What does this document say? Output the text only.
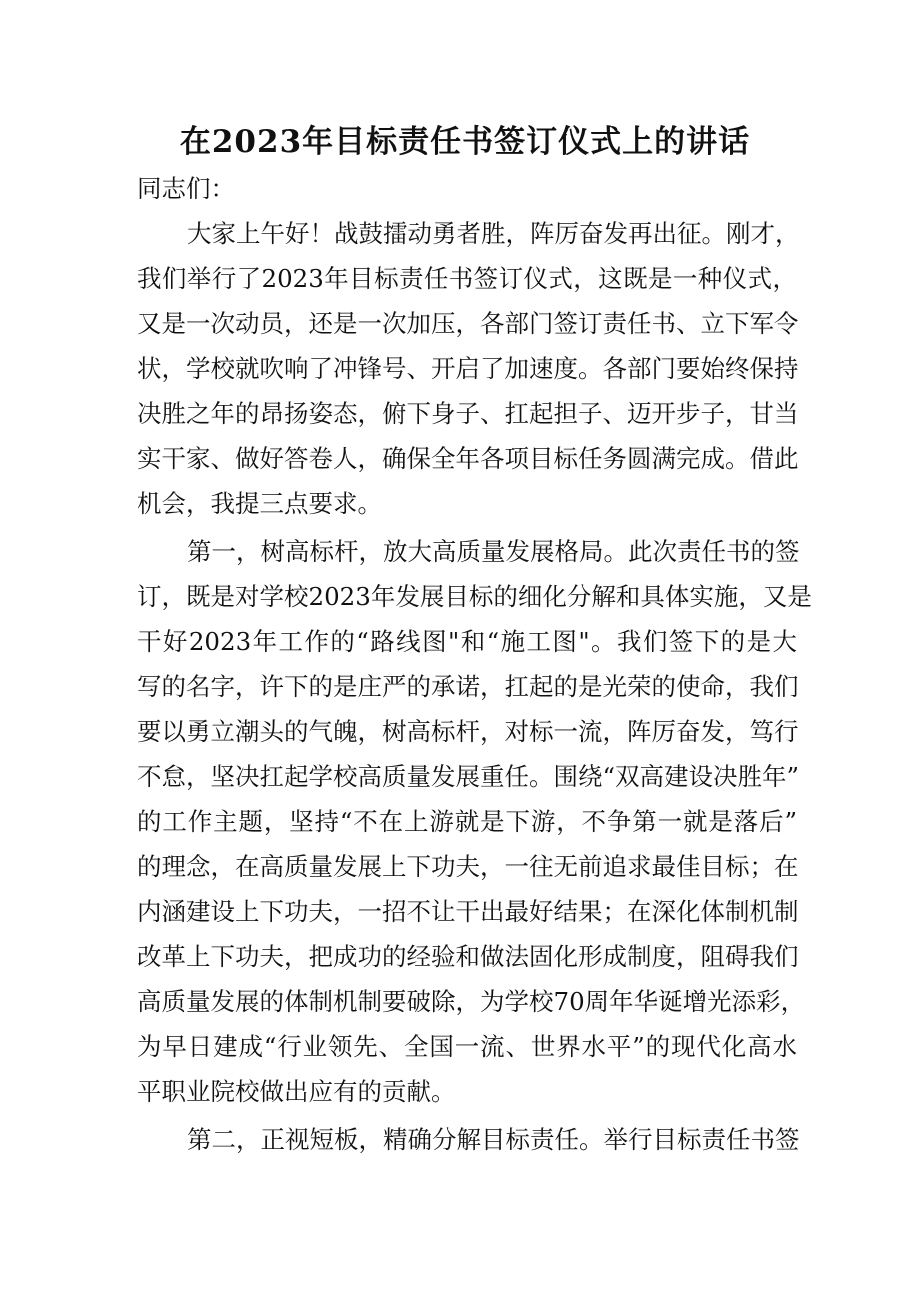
在2023年目标责任书签订仪式上的讲话
同志们：
大家上午好！战鼓擂动勇者胜，阵厉奋发再出征。刚才，
我们举行了2023年目标责任书签订仪式，这既是一种仪式，
又是一次动员，还是一次加压，各部门签订责任书、立下军令
状，学校就吹响了冲锋号、开启了加速度。各部门要始终保持
决胜之年的昂扬姿态，俯下身子、扛起担子、迈开步子，甘当
实干家、做好答卷人，确保全年各项目标任务圆满完成。借此
机会，我提三点要求。
第一，树高标杆，放大高质量发展格局。此次责任书的签
订，既是对学校2023年发展目标的细化分解和具体实施，又是
干好2023年工作的“路线图"和“施工图"。我们签下的是大
写的名字，许下的是庄严的承诺，扛起的是光荣的使命，我们
要以勇立潮头的气魄，树高标杆，对标一流，阵厉奋发，笃行
不怠，坚决扛起学校高质量发展重任。围绕“双高建设决胜年”
的工作主题，坚持“不在上游就是下游，不争第一就是落后”
的理念，在高质量发展上下功夫，一往无前追求最佳目标；在
内涵建设上下功夫，一招不让干出最好结果；在深化体制机制
改革上下功夫，把成功的经验和做法固化形成制度，阻碍我们
高质量发展的体制机制要破除，为学校70周年华诞增光添彩，
为早日建成“行业领先、全国一流、世界水平”的现代化高水
平职业院校做出应有的贡献。
第二，正视短板，精确分解目标责任。举行目标责任书签
